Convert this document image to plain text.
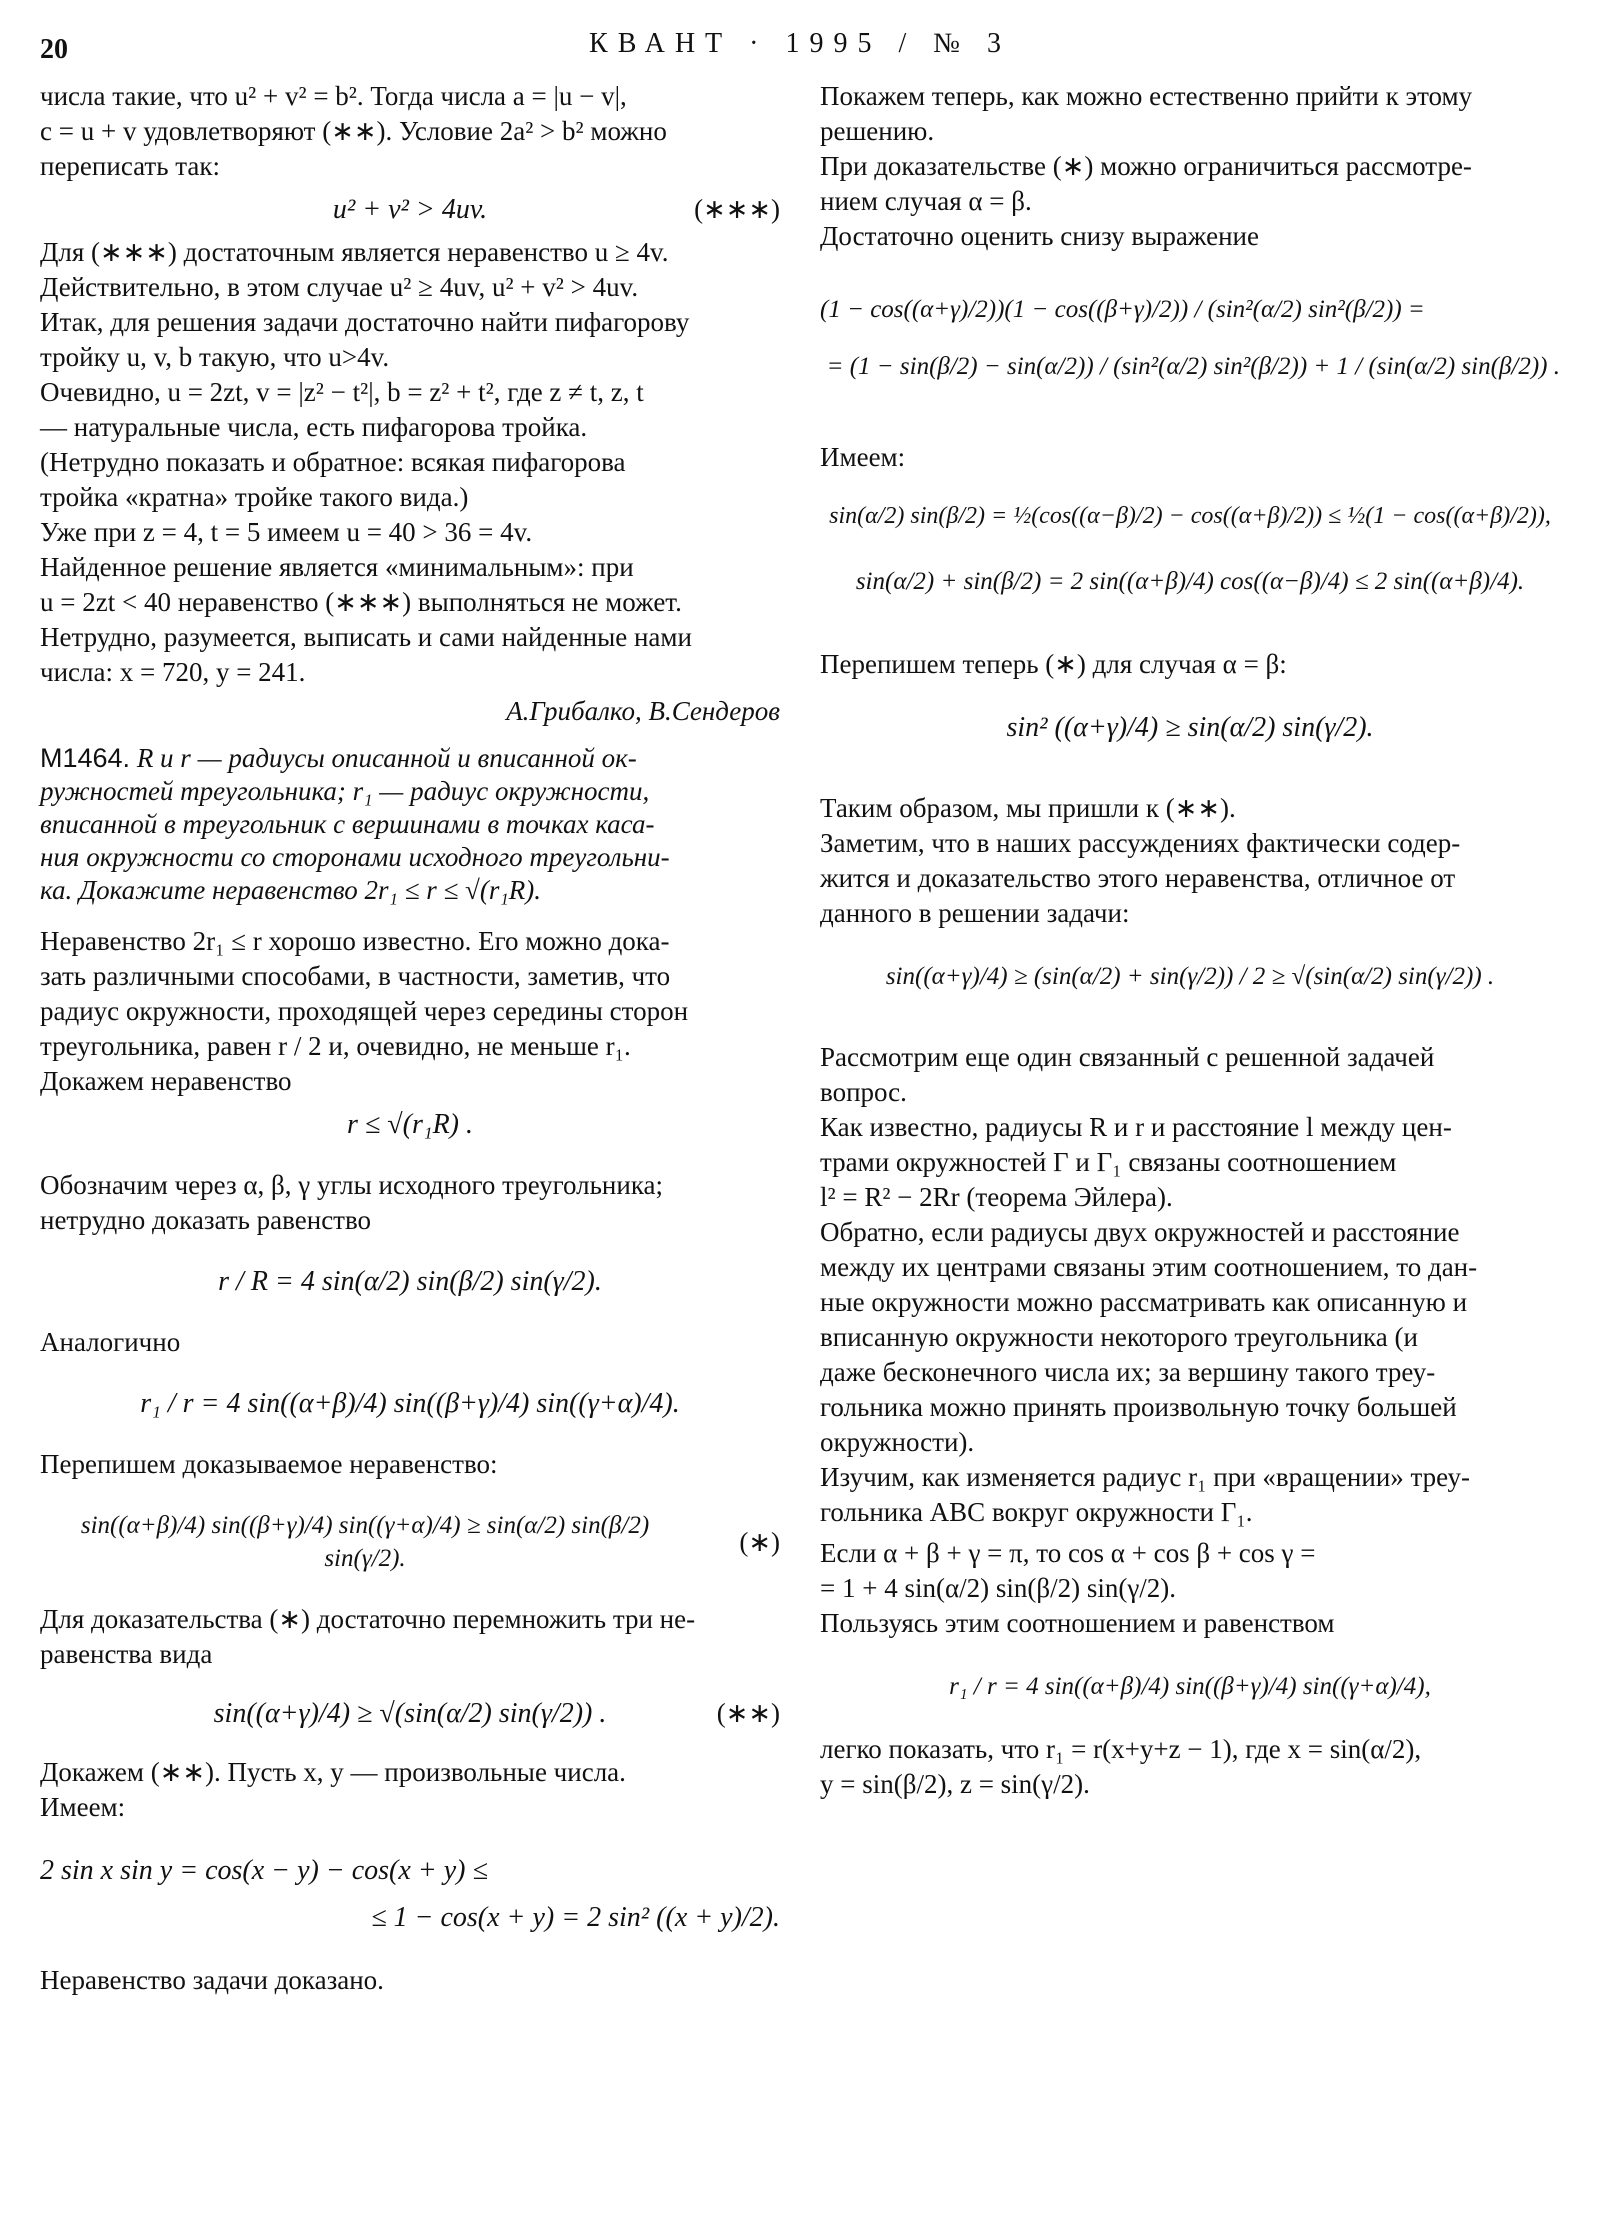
20	КВАНТ · 1995 / № 3

числа такие, что u² + v² = b². Тогда числа a = |u − v|,

c = u + v удовлетворяют (∗∗). Условие 2a² > b² можно

переписать так:

u² + v² > 4uv.	(∗∗∗)

Для (∗∗∗) достаточным является неравенство u ≥ 4v.

Действительно, в этом случае u² ≥ 4uv, u² + v² > 4uv.

Итак, для решения задачи достаточно найти пифагорову

тройку u, v, b такую, что u>4v.

Очевидно, u = 2zt, v = |z² − t²|, b = z² + t², где z ≠ t, z, t

— натуральные числа, есть пифагорова тройка.

(Нетрудно показать и обратное: всякая пифагорова

тройка «кратна» тройке такого вида.)

Уже при z = 4, t = 5 имеем u = 40 > 36 = 4v.

Найденное решение является «минимальным»: при

u = 2zt < 40 неравенство (∗∗∗) выполняться не может.

Нетрудно, разумеется, выписать и сами найденные нами

числа: x = 720, y = 241.

А.Грибалко, В.Сендеров
М1464. R и r — радиусы описанной и вписанной ок-
ружностей треугольника; r₁ — радиус окружности,
вписанной в треугольник с вершинами в точках каса-
ния окружности со сторонами исходного треугольни-
ка. Докажите неравенство 2r₁ ≤ r ≤ √(r₁R).

Неравенство 2r₁ ≤ r хорошо известно. Его можно дока-

зать различными способами, в частности, заметив, что

радиус окружности, проходящей через середины сторон

треугольника, равен r / 2 и, очевидно, не меньше r₁.

Докажем неравенство

r ≤ √(r₁R) .

Обозначим через α, β, γ углы исходного треугольника;

нетрудно доказать равенство

r / R = 4 sin(α/2) sin(β/2) sin(γ/2).

Аналогично

r₁ / r = 4 sin((α+β)/4) sin((β+γ)/4) sin((γ+α)/4).

Перепишем доказываемое неравенство:

sin((α+β)/4) sin((β+γ)/4) sin((γ+α)/4) ≥ sin(α/2) sin(β/2) sin(γ/2).
(∗)

Для доказательства (∗) достаточно перемножить три не-

равенства вида

sin((α+γ)/4) ≥ √(sin(α/2) sin(γ/2)) .	(∗∗)

Докажем (∗∗). Пусть x, y — произвольные числа.

Имеем:

2 sin x sin y = cos(x − y) − cos(x + y) ≤
≤ 1 − cos(x + y) = 2 sin² ((x + y)/2).

Неравенство задачи доказано.

Покажем теперь, как можно естественно прийти к этому

решению.

При доказательстве (∗) можно ограничиться рассмотре-

нием случая α = β.

Достаточно оценить снизу выражение

(1 − cos((α+γ)/2))(1 − cos((β+γ)/2)) / (sin²(α/2) sin²(β/2)) =
= (1 − sin(β/2) − sin(α/2)) / (sin²(α/2) sin²(β/2)) + 1 / (sin(α/2) sin(β/2)) .

Имеем:

sin(α/2) sin(β/2) = ½(cos((α−β)/2) − cos((α+β)/2)) ≤ ½(1 − cos((α+β)/2)),
sin(α/2) + sin(β/2) = 2 sin((α+β)/4) cos((α−β)/4) ≤ 2 sin((α+β)/4).

Перепишем теперь (∗) для случая α = β:

sin² ((α+γ)/4) ≥ sin(α/2) sin(γ/2).

Таким образом, мы пришли к (∗∗).

Заметим, что в наших рассуждениях фактически содер-

жится и доказательство этого неравенства, отличное от

данного в решении задачи:

sin((α+γ)/4) ≥ (sin(α/2) + sin(γ/2)) / 2 ≥ √(sin(α/2) sin(γ/2)) .

Рассмотрим еще один связанный с решенной задачей

вопрос.

Как известно, радиусы R и r и расстояние l между цен-

трами окружностей Γ и Γ₁ связаны соотношением

l² = R² − 2Rr (теорема Эйлера).

Обратно, если радиусы двух окружностей и расстояние

между их центрами связаны этим соотношением, то дан-

ные окружности можно рассматривать как описанную и

вписанную окружности некоторого треугольника (и

даже бесконечного числа их; за вершину такого треу-

гольника можно принять произвольную точку большей

окружности).

Изучим, как изменяется радиус r₁ при «вращении» треу-

гольника ABC вокруг окружности Γ₁.

Если α + β + γ = π, то cos α + cos β + cos γ =

= 1 + 4 sin(α/2) sin(β/2) sin(γ/2).

Пользуясь этим соотношением и равенством

r₁ / r = 4 sin((α+β)/4) sin((β+γ)/4) sin((γ+α)/4),

легко показать, что r₁ = r(x+y+z − 1), где x = sin(α/2),

y = sin(β/2), z = sin(γ/2).
